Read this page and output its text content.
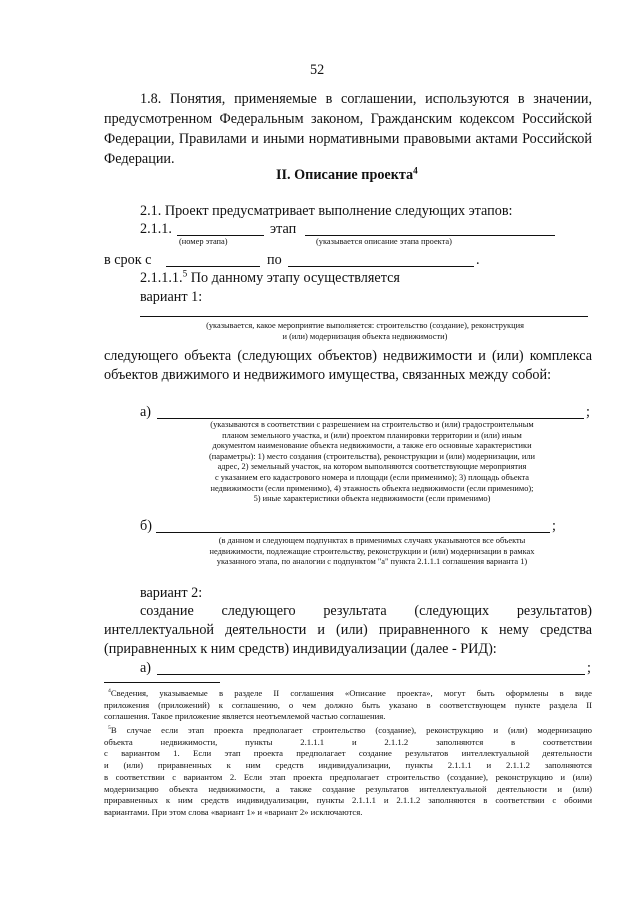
52
1.8. Понятия, применяемые в соглашении, используются в значении,
предусмотренном Федеральным законом, Гражданским кодексом Российской
Федерации, Правилами и иными нормативными правовыми актами Российской
Федерации.
II. Описание проекта$^4$
2.1. Проект предусматривает выполнение следующих этапов:
2.1.1.	этап
(номер этапа)	(указывается описание этапа проекта)
в срок с	по	.
2.1.1.1.$^5$ По данному этапу осуществляется
вариант 1:
(указывается, какое мероприятие выполняется: строительство (создание), реконструкция
и (или) модернизация объекта недвижимости)
следующего объекта (следующих объектов) недвижимости и (или) комплекса
объектов движимого и недвижимого имущества, связанных между собой:
а)	;
(указываются в соответствии с разрешением на строительство и (или) градостроительным
планом земельного участка, и (или) проектом планировки территории и (или) иным
документом наименование объекта недвижимости, а также его основные характеристики
(параметры): 1) место создания (строительства), реконструкции и (или) модернизации, или
адрес, 2) земельный участок, на котором выполняются соответствующие мероприятия
с указанием его кадастрового номера и площади (если применимо); 3) площадь объекта
недвижимости (если применимо), 4) этажность объекта недвижимости (если применимо);
5) иные характеристики объекта недвижимости (если применимо)
б)	;
(в данном и следующем подпунктах в применимых случаях указываются все объекты
недвижимости, подлежащие строительству, реконструкции и (или) модернизации в рамках
указанного этапа, по аналогии с подпунктом "а" пункта 2.1.1.1 соглашения варианта 1)
вариант 2:
создание следующего результата (следующих результатов)
интеллектуальной деятельности и (или) приравненного к нему средства
(приравненных к ним средств) индивидуализации (далее - РИД):
а)	;
$^4$Сведения, указываемые в разделе II соглашения «Описание проекта», могут быть оформлены в виде
приложения (приложений) к соглашению, о чем должно быть указано в соответствующем пункте раздела II
соглашения. Такое приложение является неотъемлемой частью соглашения.
$^5$В случае если этап проекта предполагает строительство (создание), реконструкцию и (или) модернизацию
объекта недвижимости, пункты 2.1.1.1 и 2.1.1.2 заполняются в соответствии
с вариантом 1. Если этап проекта предполагает создание результатов интеллектуальной деятельности
и (или) приравненных к ним средств индивидуализации, пункты 2.1.1.1 и 2.1.1.2 заполняются
в соответствии с вариантом 2. Если этап проекта предполагает строительство (создание), реконструкцию и (или)
модернизацию объекта недвижимости, а также создание результатов интеллектуальной деятельности и (или)
приравненных к ним средств индивидуализации, пункты 2.1.1.1 и 2.1.1.2 заполняются в соответствии с обоими
вариантами. При этом слова «вариант 1» и «вариант 2» исключаются.
